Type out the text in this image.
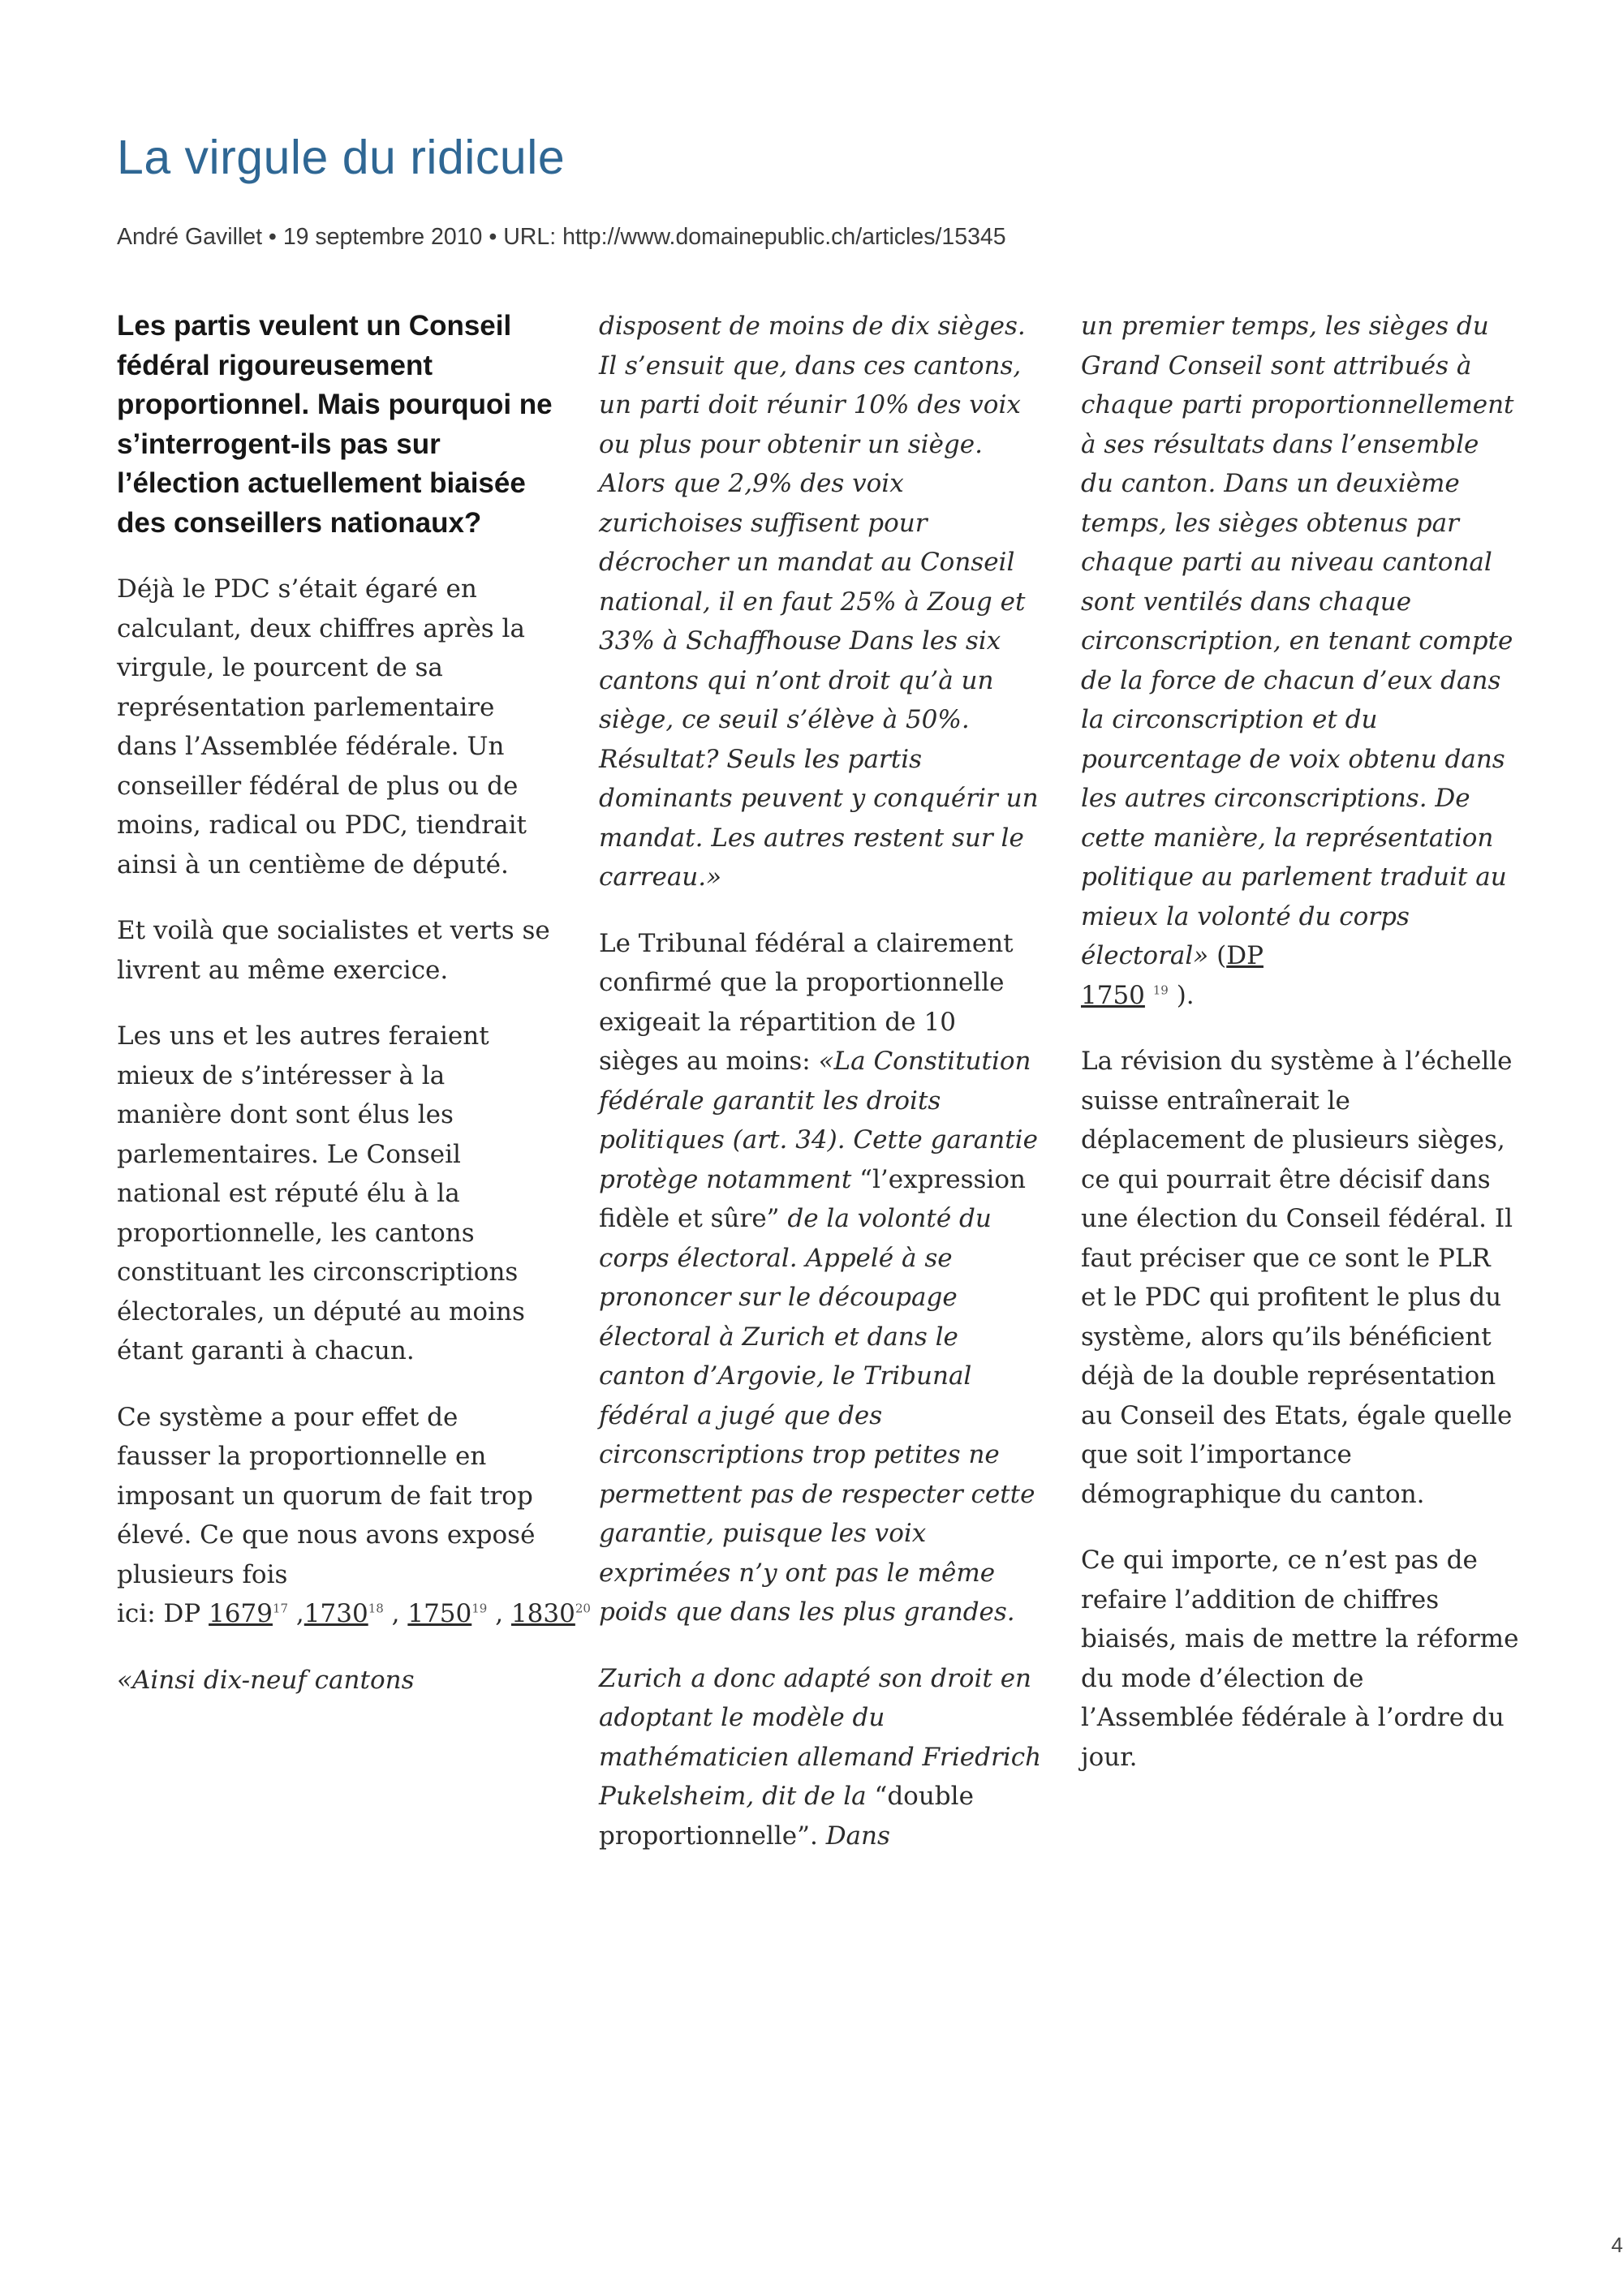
La virgule du ridicule
André Gavillet • 19 septembre 2010 • URL: http://www.domainepublic.ch/articles/15345

Les partis veulent un Conseil fédéral rigoureusement proportionnel. Mais pourquoi ne s’interrogent-ils pas sur l’élection actuellement biaisée des conseillers nationaux?

Déjà le PDC s’était égaré en calculant, deux chiffres après la virgule, le pourcent de sa représentation parlementaire dans l’Assemblée fédérale. Un conseiller fédéral de plus ou de moins, radical ou PDC, tiendrait ainsi à un centième de député.

Et voilà que socialistes et verts se livrent au même exercice.

Les uns et les autres feraient mieux de s’intéresser à la manière dont sont élus les parlementaires. Le Conseil national est réputé élu à la proportionnelle, les cantons constituant les circonscriptions électorales, un député au moins étant garanti à chacun.

Ce système a pour effet de fausser la proportionnelle en imposant un quorum de fait trop élevé. Ce que nous avons exposé plusieurs fois
ici: DP 1679$^{17}$ ,1730$^{18}$ , 1750$^{19}$ , 1830$^{20}$

«Ainsi dix-neuf cantons

disposent de moins de dix sièges. Il s’ensuit que, dans ces cantons, un parti doit réunir 10% des voix ou plus pour obtenir un siège. Alors que 2,9% des voix zurichoises suffisent pour décrocher un mandat au Conseil national, il en faut 25% à Zoug et 33% à Schaffhouse Dans les six cantons qui n’ont droit qu’à un siège, ce seuil s’élève à 50%. Résultat? Seuls les partis dominants peuvent y conquérir un mandat. Les autres restent sur le carreau.»

Le Tribunal fédéral a clairement confirmé que la proportionnelle exigeait la répartition de 10 sièges au moins: «La Constitution fédérale garantit les droits politiques (art. 34). Cette garantie protège notamment “l’expression fidèle et sûre” de la volonté du corps électoral. Appelé à se prononcer sur le découpage électoral à Zurich et dans le canton d’Argovie, le Tribunal fédéral a jugé que des circonscriptions trop petites ne permettent pas de respecter cette garantie, puisque les voix exprimées n’y ont pas le même poids que dans les plus grandes.

Zurich a donc adapté son droit en adoptant le modèle du mathématicien allemand Friedrich Pukelsheim, dit de la “double proportionnelle”. Dans

un premier temps, les sièges du Grand Conseil sont attribués à chaque parti proportionnellement à ses résultats dans l’ensemble du canton. Dans un deuxième temps, les sièges obtenus par chaque parti au niveau cantonal sont ventilés dans chaque circonscription, en tenant compte de la force de chacun d’eux dans la circonscription et du pourcentage de voix obtenu dans les autres circonscriptions. De cette manière, la représentation politique au parlement traduit au mieux la volonté du corps électoral» (DP
1750 $^{19}$ ).

La révision du système à l’échelle suisse entraînerait le déplacement de plusieurs sièges, ce qui pourrait être décisif dans une élection du Conseil fédéral. Il faut préciser que ce sont le PLR et le PDC qui profitent le plus du système, alors qu’ils bénéficient déjà de la double représentation au Conseil des Etats, égale quelle que soit l’importance démographique du canton.

Ce qui importe, ce n’est pas de refaire l’addition de chiffres biaisés, mais de mettre la réforme du mode d’élection de l’Assemblée fédérale à l’ordre du jour.

4
